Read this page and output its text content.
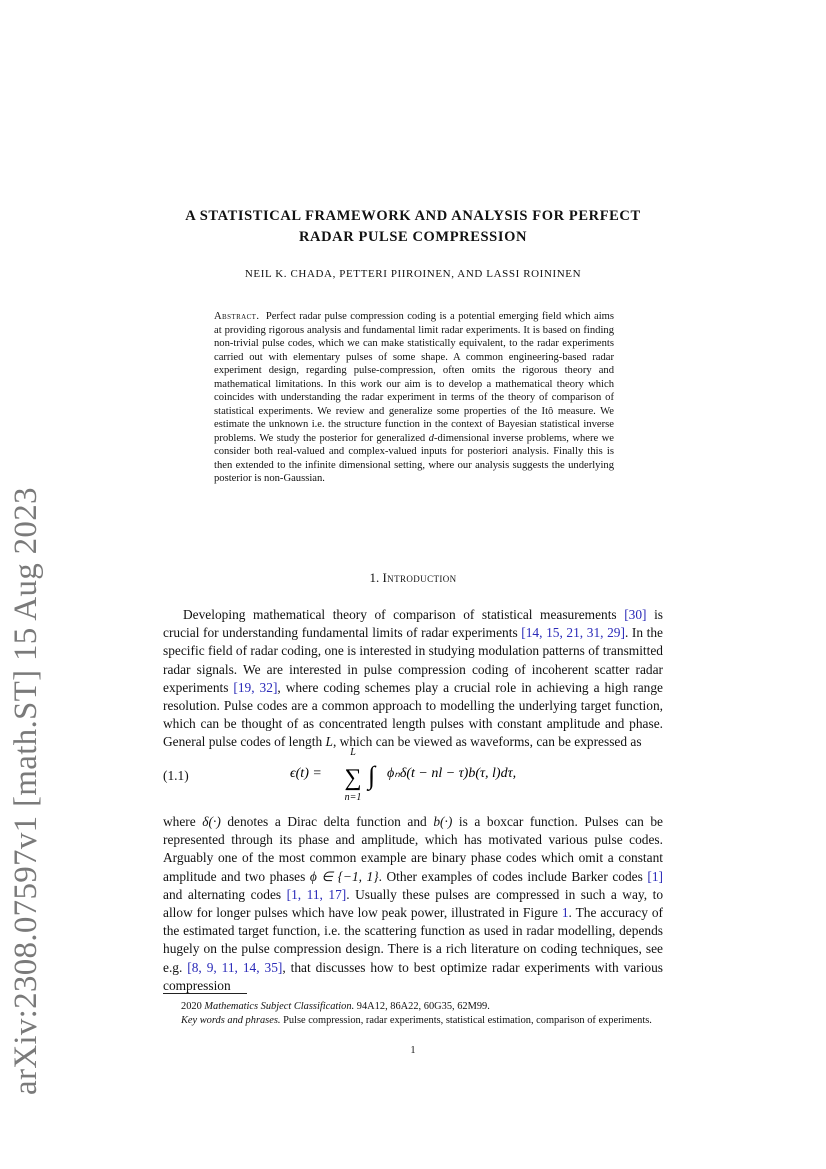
arXiv:2308.07597v1 [math.ST] 15 Aug 2023
A STATISTICAL FRAMEWORK AND ANALYSIS FOR PERFECT
RADAR PULSE COMPRESSION
NEIL K. CHADA, PETTERI PIIROINEN, AND LASSI ROININEN
Abstract. Perfect radar pulse compression coding is a potential emerging field which aims at providing rigorous analysis and fundamental limit radar experiments. It is based on finding non-trivial pulse codes, which we can make statistically equivalent, to the radar experiments carried out with elementary pulses of some shape. A common engineering-based radar experiment design, regarding pulse-compression, often omits the rigorous theory and mathematical limitations. In this work our aim is to develop a mathematical theory which coincides with understanding the radar experiment in terms of the theory of comparison of statistical experiments. We review and generalize some properties of the Itô measure. We estimate the unknown i.e. the structure function in the context of Bayesian statistical inverse problems. We study the posterior for generalized d-dimensional inverse problems, where we consider both real-valued and complex-valued inputs for posteriori analysis. Finally this is then extended to the infinite dimensional setting, where our analysis suggests the underlying posterior is non-Gaussian.
1. Introduction
Developing mathematical theory of comparison of statistical measurements [30] is crucial for understanding fundamental limits of radar experiments [14, 15, 21, 31, 29]. In the specific field of radar coding, one is interested in studying modulation patterns of transmitted radar signals. We are interested in pulse compression coding of incoherent scatter radar experiments [19, 32], where coding schemes play a crucial role in achieving a high range resolution. Pulse codes are a common approach to modelling the underlying target function, which can be thought of as concentrated length pulses with constant amplitude and phase. General pulse codes of length L, which can be viewed as waveforms, can be expressed as
(1.1)	ϵ(t) =
L
∑
n=1
∫ ϕₙδ(t − nl − τ)b(τ, l)dτ,
where δ(·) denotes a Dirac delta function and b(·) is a boxcar function. Pulses can be represented through its phase and amplitude, which has motivated various pulse codes. Arguably one of the most common example are binary phase codes which omit a constant amplitude and two phases ϕ ∈ {−1, 1}. Other examples of codes include Barker codes [1] and alternating codes [1, 11, 17]. Usually these pulses are compressed in such a way, to allow for longer pulses which have low peak power, illustrated in Figure 1. The accuracy of the estimated target function, i.e. the scattering function as used in radar modelling, depends hugely on the pulse compression design. There is a rich literature on coding techniques, see e.g. [8, 9, 11, 14, 35], that discusses how to best optimize radar experiments with various compression
2020 Mathematics Subject Classification. 94A12, 86A22, 60G35, 62M99.
Key words and phrases. Pulse compression, radar experiments, statistical estimation, comparison of experiments.
1
